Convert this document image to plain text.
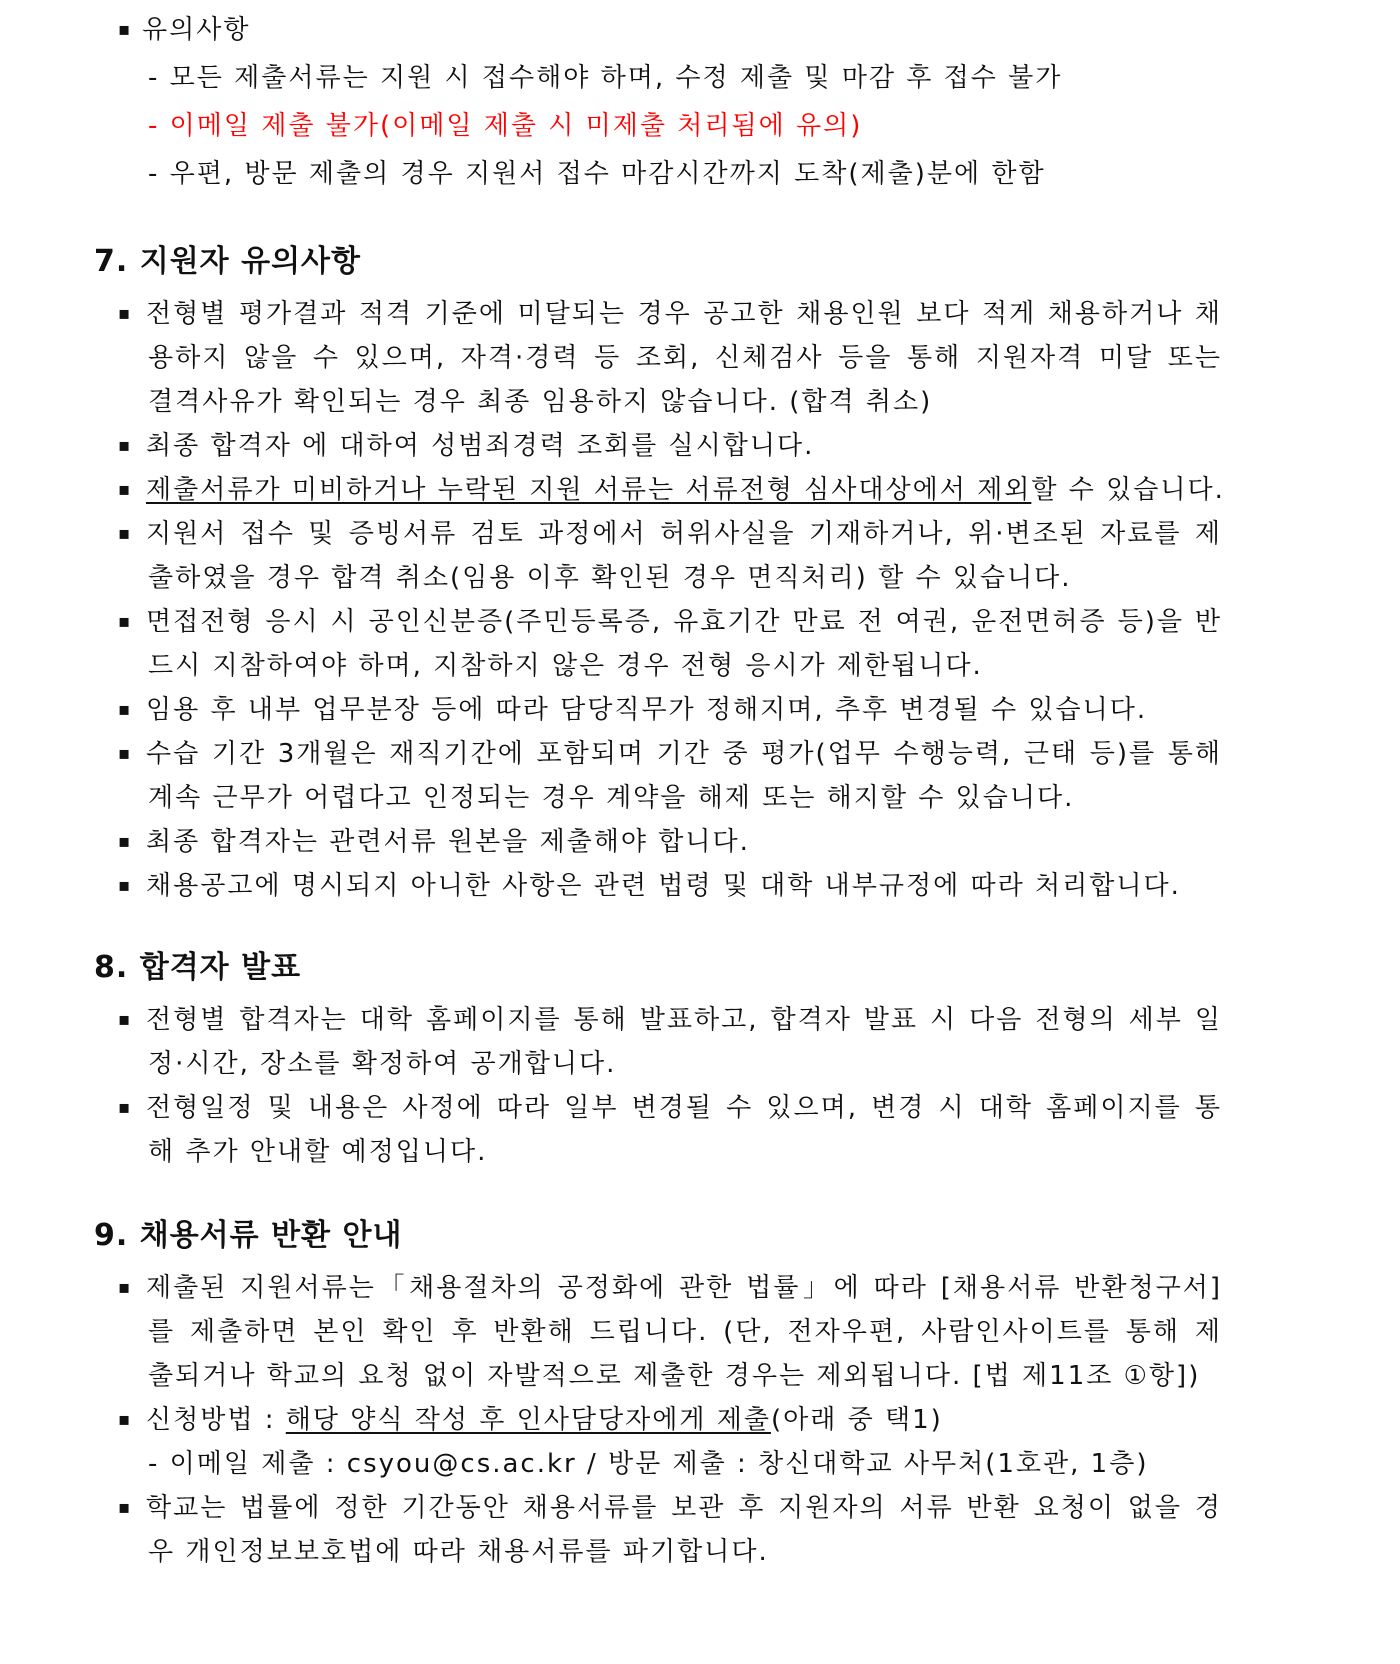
▪ 유의사항
- 모든 제출서류는 지원 시 접수해야 하며, 수정 제출 및 마감 후 접수 불가
- 이메일 제출 불가(이메일 제출 시 미제출 처리됨에 유의)
- 우편, 방문 제출의 경우 지원서 접수 마감시간까지 도착(제출)분에 한함
7. 지원자 유의사항
▪ 전형별 평가결과 적격 기준에 미달되는 경우 공고한 채용인원 보다 적게 채용하거나 채
용하지 않을 수 있으며, 자격·경력 등 조회, 신체검사 등을 통해 지원자격 미달 또는
결격사유가 확인되는 경우 최종 임용하지 않습니다. (합격 취소)
▪ 최종 합격자 에 대하여 성범죄경력 조회를 실시합니다.
▪ 제출서류가 미비하거나 누락된 지원 서류는 서류전형 심사대상에서 제외할 수 있습니다.
▪ 지원서 접수 및 증빙서류 검토 과정에서 허위사실을 기재하거나, 위·변조된 자료를 제
출하였을 경우 합격 취소(임용 이후 확인된 경우 면직처리) 할 수 있습니다.
▪ 면접전형 응시 시 공인신분증(주민등록증, 유효기간 만료 전 여권, 운전면허증 등)을 반
드시 지참하여야 하며, 지참하지 않은 경우 전형 응시가 제한됩니다.
▪ 임용 후 내부 업무분장 등에 따라 담당직무가 정해지며, 추후 변경될 수 있습니다.
▪ 수습 기간 3개월은 재직기간에 포함되며 기간 중 평가(업무 수행능력, 근태 등)를 통해
계속 근무가 어렵다고 인정되는 경우 계약을 해제 또는 해지할 수 있습니다.
▪ 최종 합격자는 관련서류 원본을 제출해야 합니다.
▪ 채용공고에 명시되지 아니한 사항은 관련 법령 및 대학 내부규정에 따라 처리합니다.
8. 합격자 발표
▪ 전형별 합격자는 대학 홈페이지를 통해 발표하고, 합격자 발표 시 다음 전형의 세부 일
정·시간, 장소를 확정하여 공개합니다.
▪ 전형일정 및 내용은 사정에 따라 일부 변경될 수 있으며, 변경 시 대학 홈페이지를 통
해 추가 안내할 예정입니다.
9. 채용서류 반환 안내
▪ 제출된 지원서류는「채용절차의 공정화에 관한 법률」에 따라 [채용서류 반환청구서]
를 제출하면 본인 확인 후 반환해 드립니다. (단, 전자우편, 사람인사이트를 통해 제
출되거나 학교의 요청 없이 자발적으로 제출한 경우는 제외됩니다. [법 제11조 ①항])
▪ 신청방법 : 해당 양식 작성 후 인사담당자에게 제출(아래 중 택1)
- 이메일 제출 : csyou@cs.ac.kr / 방문 제출 : 창신대학교 사무처(1호관, 1층)
▪ 학교는 법률에 정한 기간동안 채용서류를 보관 후 지원자의 서류 반환 요청이 없을 경
우 개인정보보호법에 따라 채용서류를 파기합니다.
